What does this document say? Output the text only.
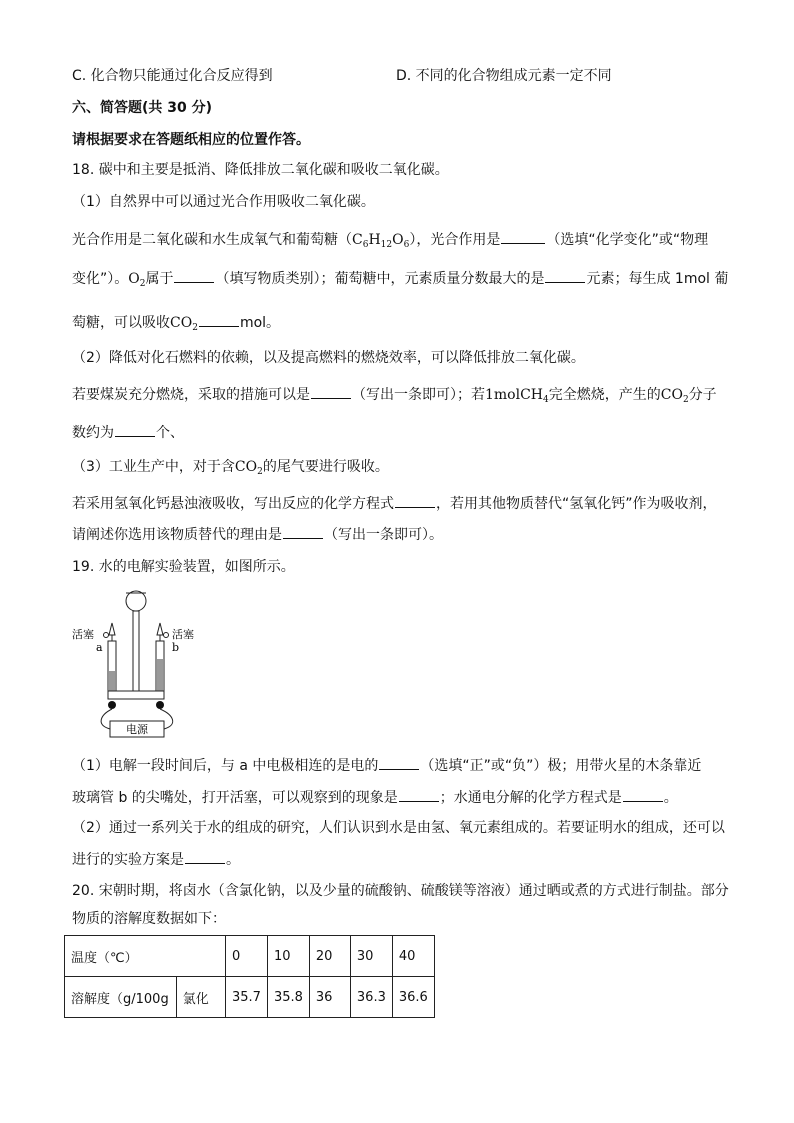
C. 化合物只能通过化合反应得到	D. 不同的化合物组成元素一定不同
六、简答题(共 30 分)
请根据要求在答题纸相应的位置作答。
18. 碳中和主要是抵消、降低排放二氧化碳和吸收二氧化碳。
（1）自然界中可以通过光合作用吸收二氧化碳。
光合作用是二氧化碳和水生成氧气和葡萄糖$(C_6H_{12}O_6)$，光合作用是	（选填“化学变化”或“物理
变化”）。$O_2$属于	（填写物质类别）；葡萄糖中，元素质量分数最大的是	元素；每生成 1mol 葡
萄糖，可以吸收$CO_2$	mol。
（2）降低对化石燃料的依赖，以及提高燃料的燃烧效率，可以降低排放二氧化碳。
若要煤炭充分燃烧，采取的措施可以是	（写出一条即可）；若1molCH$_4$完全燃烧，产生的$CO_2$分子
数约为	个、
（3）工业生产中，对于含$CO_2$的尾气要进行吸收。
若采用氢氧化钙悬浊液吸收，写出反应的化学方程式	，若用其他物质替代“氢氧化钙”作为吸收剂，
请阐述你选用该物质替代的理由是	（写出一条即可）。
19. 水的电解实验装置，如图所示。
电源
活塞	活塞
a	b
（1）电解一段时间后，与 a 中电极相连的是电的	（选填“正”或“负”）极；用带火星的木条靠近
玻璃管 b 的尖嘴处，打开活塞，可以观察到的现象是	；水通电分解的化学方程式是	。
（2）通过一系列关于水的组成的研究，人们认识到水是由氢、氧元素组成的。若要证明水的组成，还可以
进行的实验方案是	。
20. 宋朝时期，将卤水（含氯化钠，以及少量的硫酸钠、硫酸镁等溶液）通过晒或煮的方式进行制盐。部分
物质的溶解度数据如下：
温度（℃）		0	10	20	30	40
溶解度（g/100g	氯化	35.7	35.8	36	36.3	36.6
